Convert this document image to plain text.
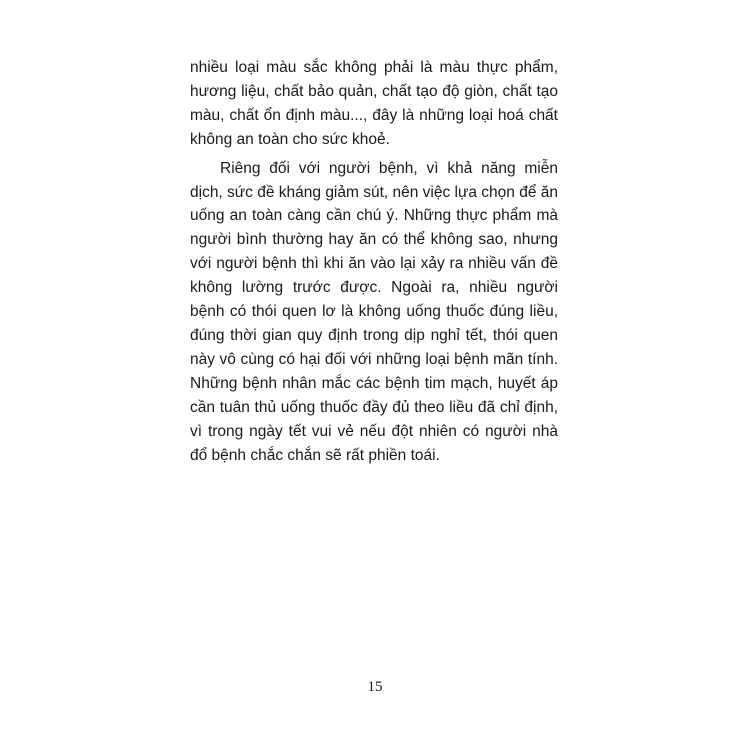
nhiều loại màu sắc không phải là màu thực phẩm, hương liệu, chất bảo quản, chất tạo độ giòn, chất tạo màu, chất ổn định màu..., đây là những loại hoá chất không an toàn cho sức khoẻ.

Riêng đối với người bệnh, vì khả năng miễn dịch, sức đề kháng giảm sút, nên việc lựa chọn để ăn uống an toàn càng cần chú ý. Những thực phẩm mà người bình thường hay ăn có thể không sao, nhưng với người bệnh thì khi ăn vào lại xảy ra nhiều vấn đề không lường trước được. Ngoài ra, nhiều người bệnh có thói quen lơ là không uống thuốc đúng liều, đúng thời gian quy định trong dịp nghỉ tết, thói quen này vô cùng có hại đối với những loại bệnh mãn tính. Những bệnh nhân mắc các bệnh tim mạch, huyết áp cần tuân thủ uống thuốc đầy đủ theo liều đã chỉ định, vì trong ngày tết vui vẻ nếu đột nhiên có người nhà đổ bệnh chắc chắn sẽ rất phiền toái.

15
